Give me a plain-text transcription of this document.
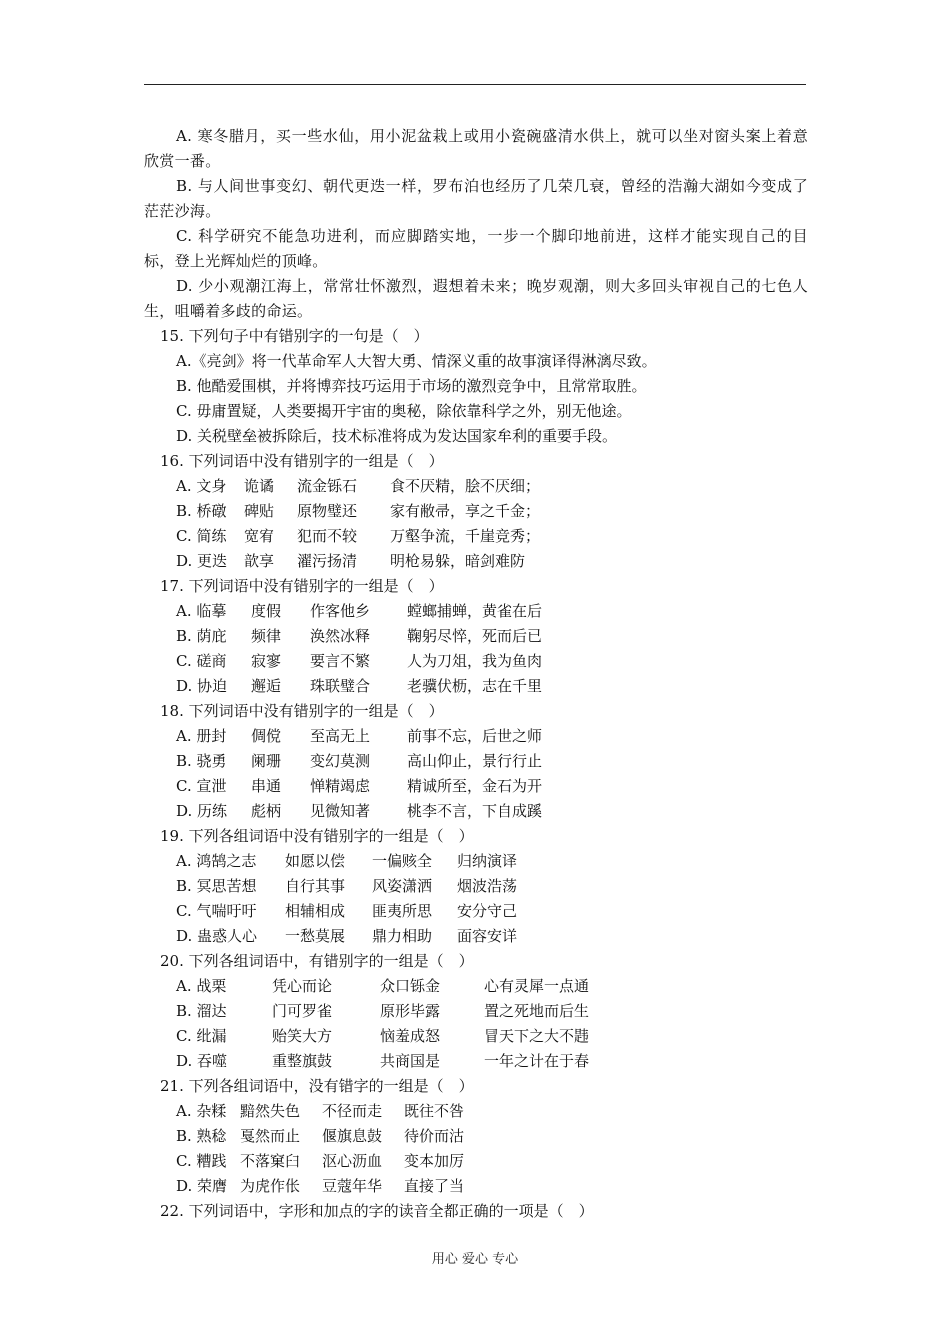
A. 寒冬腊月，买一些水仙，用小泥盆栽上或用小瓷碗盛清水供上，就可以坐对窗头案上着意欣赏一番。

B. 与人间世事变幻、朝代更迭一样，罗布泊也经历了几荣几衰，曾经的浩瀚大湖如今变成了茫茫沙海。

C. 科学研究不能急功进利，而应脚踏实地，一步一个脚印地前进，这样才能实现自己的目标，登上光辉灿烂的顶峰。

D. 少小观潮江海上，常常壮怀激烈，遐想着未来；晚岁观潮，则大多回头审视自己的七色人生，咀嚼着多歧的命运。

15. 下列句子中有错别字的一句是（　）
A.《亮剑》将一代革命军人大智大勇、情深义重的故事演译得淋漓尽致。
B. 他酷爱围棋，并将博弈技巧运用于市场的激烈竞争中，且常常取胜。
C. 毋庸置疑，人类要揭开宇宙的奥秘，除依靠科学之外，别无他途。
D. 关税壁垒被拆除后，技术标准将成为发达国家牟利的重要手段。
16. 下列词语中没有错别字的一组是（　）
A. 文身 诡谲 流金铄石 食不厌精，脍不厌细；
B. 桥礅 碑贴 原物璧还 家有敝帚，享之千金；
C. 简练 宽宥 犯而不较 万壑争流，千崖竞秀；
D. 更迭 歆享 濯污扬清 明枪易躲，暗剑难防
17. 下列词语中没有错别字的一组是（　）
A. 临摹 度假 作客他乡 螳螂捕蝉，黄雀在后
B. 荫庇 频律 涣然冰释 鞠躬尽悴，死而后已
C. 磋商 寂寥 要言不繁 人为刀俎，我为鱼肉
D. 协迫 邂逅 珠联璧合 老骥伏枥，志在千里
18. 下列词语中没有错别字的一组是（　）
A. 册封 倜傥 至高无上 前事不忘，后世之师
B. 骁勇 阑珊 变幻莫测 高山仰止，景行行止
C. 宣泄 串通 惮精竭虑 精诚所至，金石为开
D. 历练 彪柄 见微知著 桃李不言，下自成蹊
19. 下列各组词语中没有错别字的一组是（　）
A. 鸿鹄之志 如愿以偿 一偏赅全 归纳演译
B. 冥思苦想 自行其事 风姿潇洒 烟波浩荡
C. 气喘吁吁 相辅相成 匪夷所思 安分守己
D. 蛊惑人心 一愁莫展 鼎力相助 面容安详
20. 下列各组词语中，有错别字的一组是（　）
A. 战栗	凭心而论	众口铄金	心有灵犀一点通
B. 溜达	门可罗雀	原形毕露	置之死地而后生
C. 纰漏	贻笑大方	恼羞成怒	冒天下之大不韪
D. 吞噬	重整旗鼓	共商国是	一年之计在于春
21. 下列各组词语中，没有错字的一组是（　）
A. 杂糅 黯然失色 不径而走 既往不咎
B. 熟稔 戛然而止 偃旗息鼓 待价而沽
C. 糟践 不落窠臼 沤心沥血 变本加厉
D. 荣膺 为虎作伥 豆蔻年华 直接了当
22. 下列词语中，字形和加点的字的读音全都正确的一项是（　）
用心 爱心 专心
